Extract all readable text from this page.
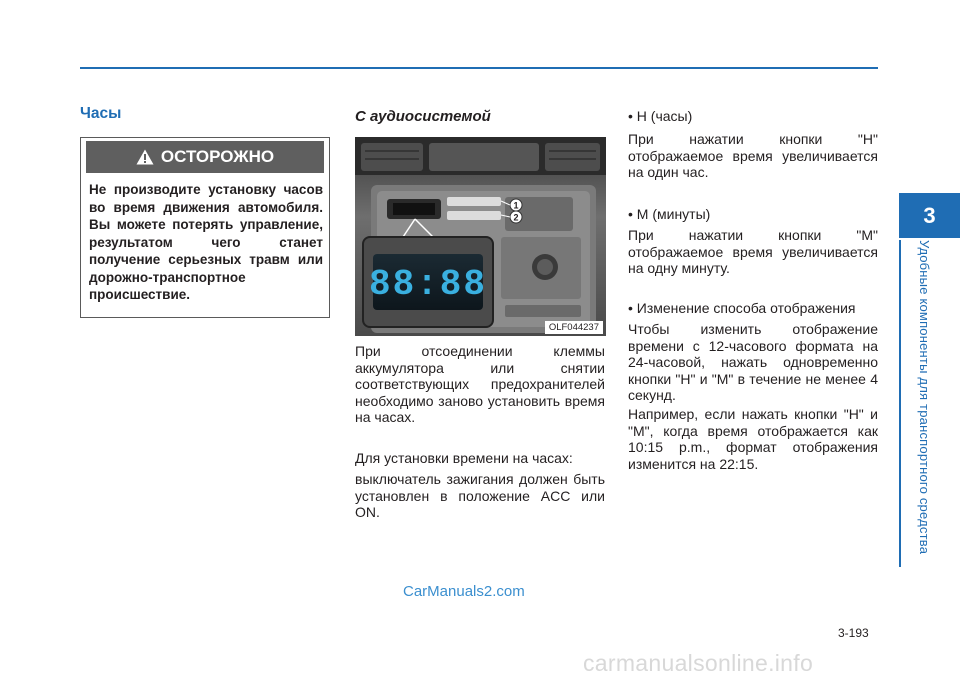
3
Удобные компоненты для транспортного средства
Часы
ОСТОРОЖНО
Не производите установку часов во время движения автомобиля. Вы можете потерять управление, результатом чего станет получение серьезных травм или дорожно-транспортное происшествие.
С аудиосистемой
1
2
88:88
OLF044237

При отсоединении клеммы аккумулятора или снятии соответствующих предохранителей необходимо заново установить время на часах.

Для установки времени на часах:

выключатель зажигания должен быть установлен в положение ACC или ON.

• H (часы)

При нажатии кнопки "H" отображаемое время увеличивается на один час.

• M (минуты)

При нажатии кнопки "M" отображаемое время увеличивается на одну минуту.

• Изменение способа отображения

Чтобы изменить отображение времени с 12-часового формата на 24-часовой, нажать одновременно кнопки "H" и "M" в течение не менее 4 секунд.

Например, если нажать кнопки "H" и "M", когда время отображается как 10:15 p.m., формат отображения изменится на 22:15.

CarManuals2.com
3-193
carmanualsonline.info
